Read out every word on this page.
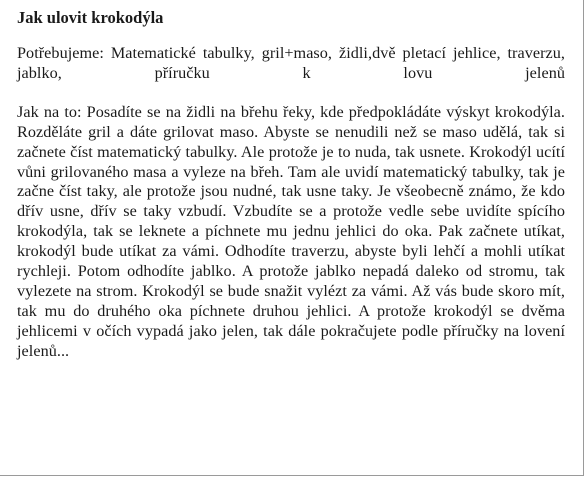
Jak ulovit krokodýla

Potřebujeme: Matematické tabulky, gril+maso, židli,dvě pletací jehlice, traverzu, jablko, příručku k lovu jelenů

Jak na to: Posadíte se na židli na břehu řeky, kde předpokládáte výskyt krokodýla. Rozděláte gril a dáte grilovat maso. Abyste se nenudili než se maso udělá, tak si začnete číst matematický tabulky. Ale protože je to nuda, tak usnete. Krokodýl ucítí vůni grilovaného masa a vyleze na břeh. Tam ale uvidí matematický tabulky, tak je začne číst taky, ale protože jsou nudné, tak usne taky. Je všeobecně známo, že kdo dřív usne, dřív se taky vzbudí. Vzbudíte se a protože vedle sebe uvidíte spícího krokodýla, tak se leknete a píchnete mu jednu jehlici do oka. Pak začnete utíkat, krokodýl bude utíkat za vámi. Odhodíte traverzu, abyste byli lehčí a mohli utíkat rychleji. Potom odhodíte jablko. A protože jablko nepadá daleko od stromu, tak vylezete na strom. Krokodýl se bude snažit vylézt za vámi. Až vás bude skoro mít, tak mu do druhého oka píchnete druhou jehlici. A protože krokodýl se dvěma jehlicemi v očích vypadá jako jelen, tak dále pokračujete podle příručky na lovení jelenů...
